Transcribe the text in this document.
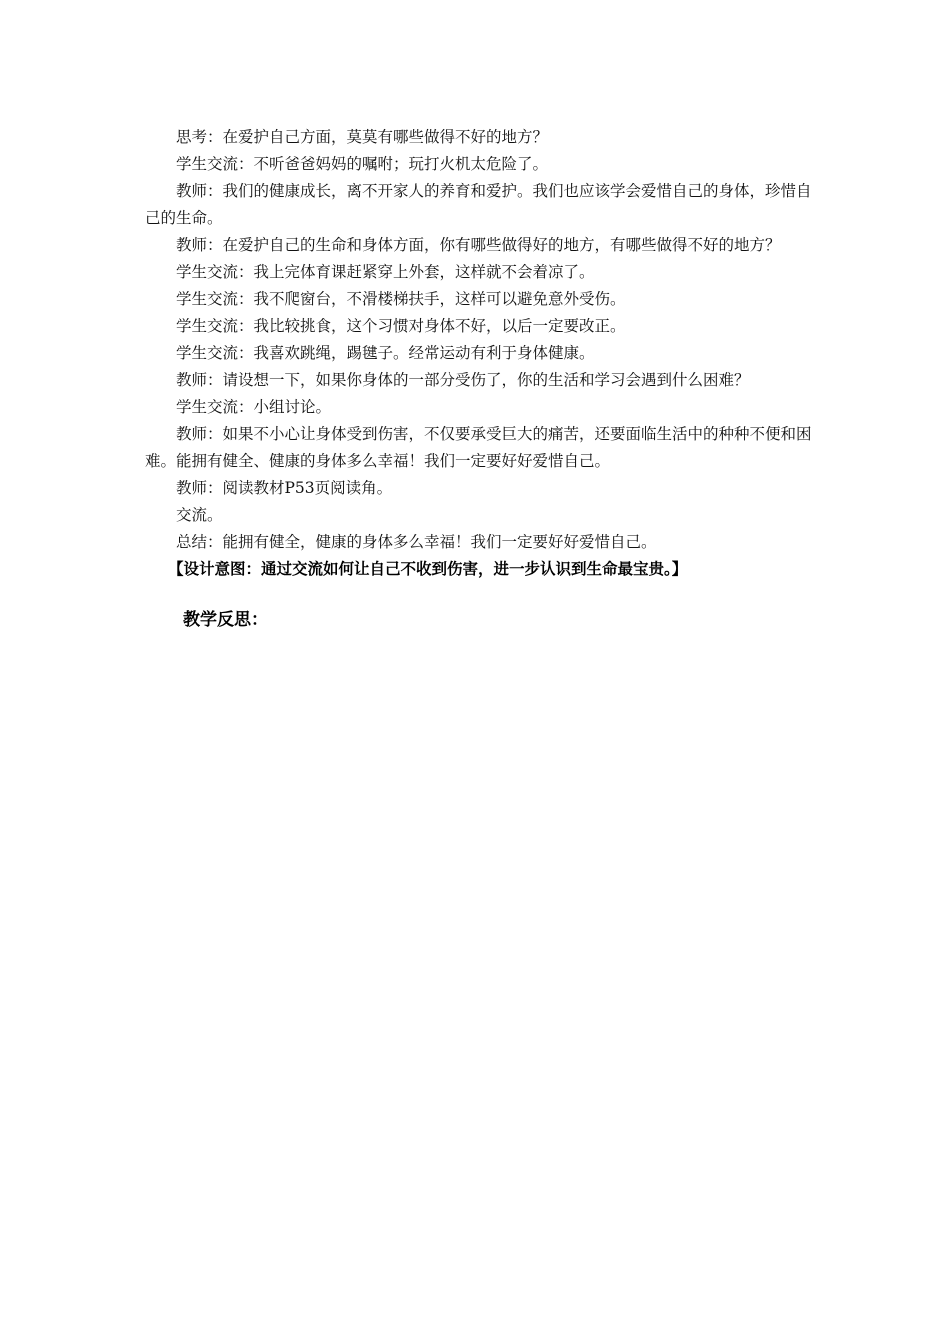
思考：在爱护自己方面，莫莫有哪些做得不好的地方？

学生交流：不听爸爸妈妈的嘱咐；玩打火机太危险了。

教师：我们的健康成长，离不开家人的养育和爱护。我们也应该学会爱惜自己的身体，珍惜自己的生命。

教师：在爱护自己的生命和身体方面，你有哪些做得好的地方，有哪些做得不好的地方？

学生交流：我上完体育课赶紧穿上外套，这样就不会着凉了。

学生交流：我不爬窗台，不滑楼梯扶手，这样可以避免意外受伤。

学生交流：我比较挑食，这个习惯对身体不好，以后一定要改正。

学生交流：我喜欢跳绳，踢毽子。经常运动有利于身体健康。

教师：请设想一下，如果你身体的一部分受伤了，你的生活和学习会遇到什么困难？

学生交流：小组讨论。

教师：如果不小心让身体受到伤害，不仅要承受巨大的痛苦，还要面临生活中的种种不便和困难。能拥有健全、健康的身体多么幸福！我们一定要好好爱惜自己。

教师：阅读教材P53页阅读角。

交流。

总结：能拥有健全，健康的身体多么幸福！我们一定要好好爱惜自己。

【设计意图：通过交流如何让自己不收到伤害，进一步认识到生命最宝贵。】

教学反思：
